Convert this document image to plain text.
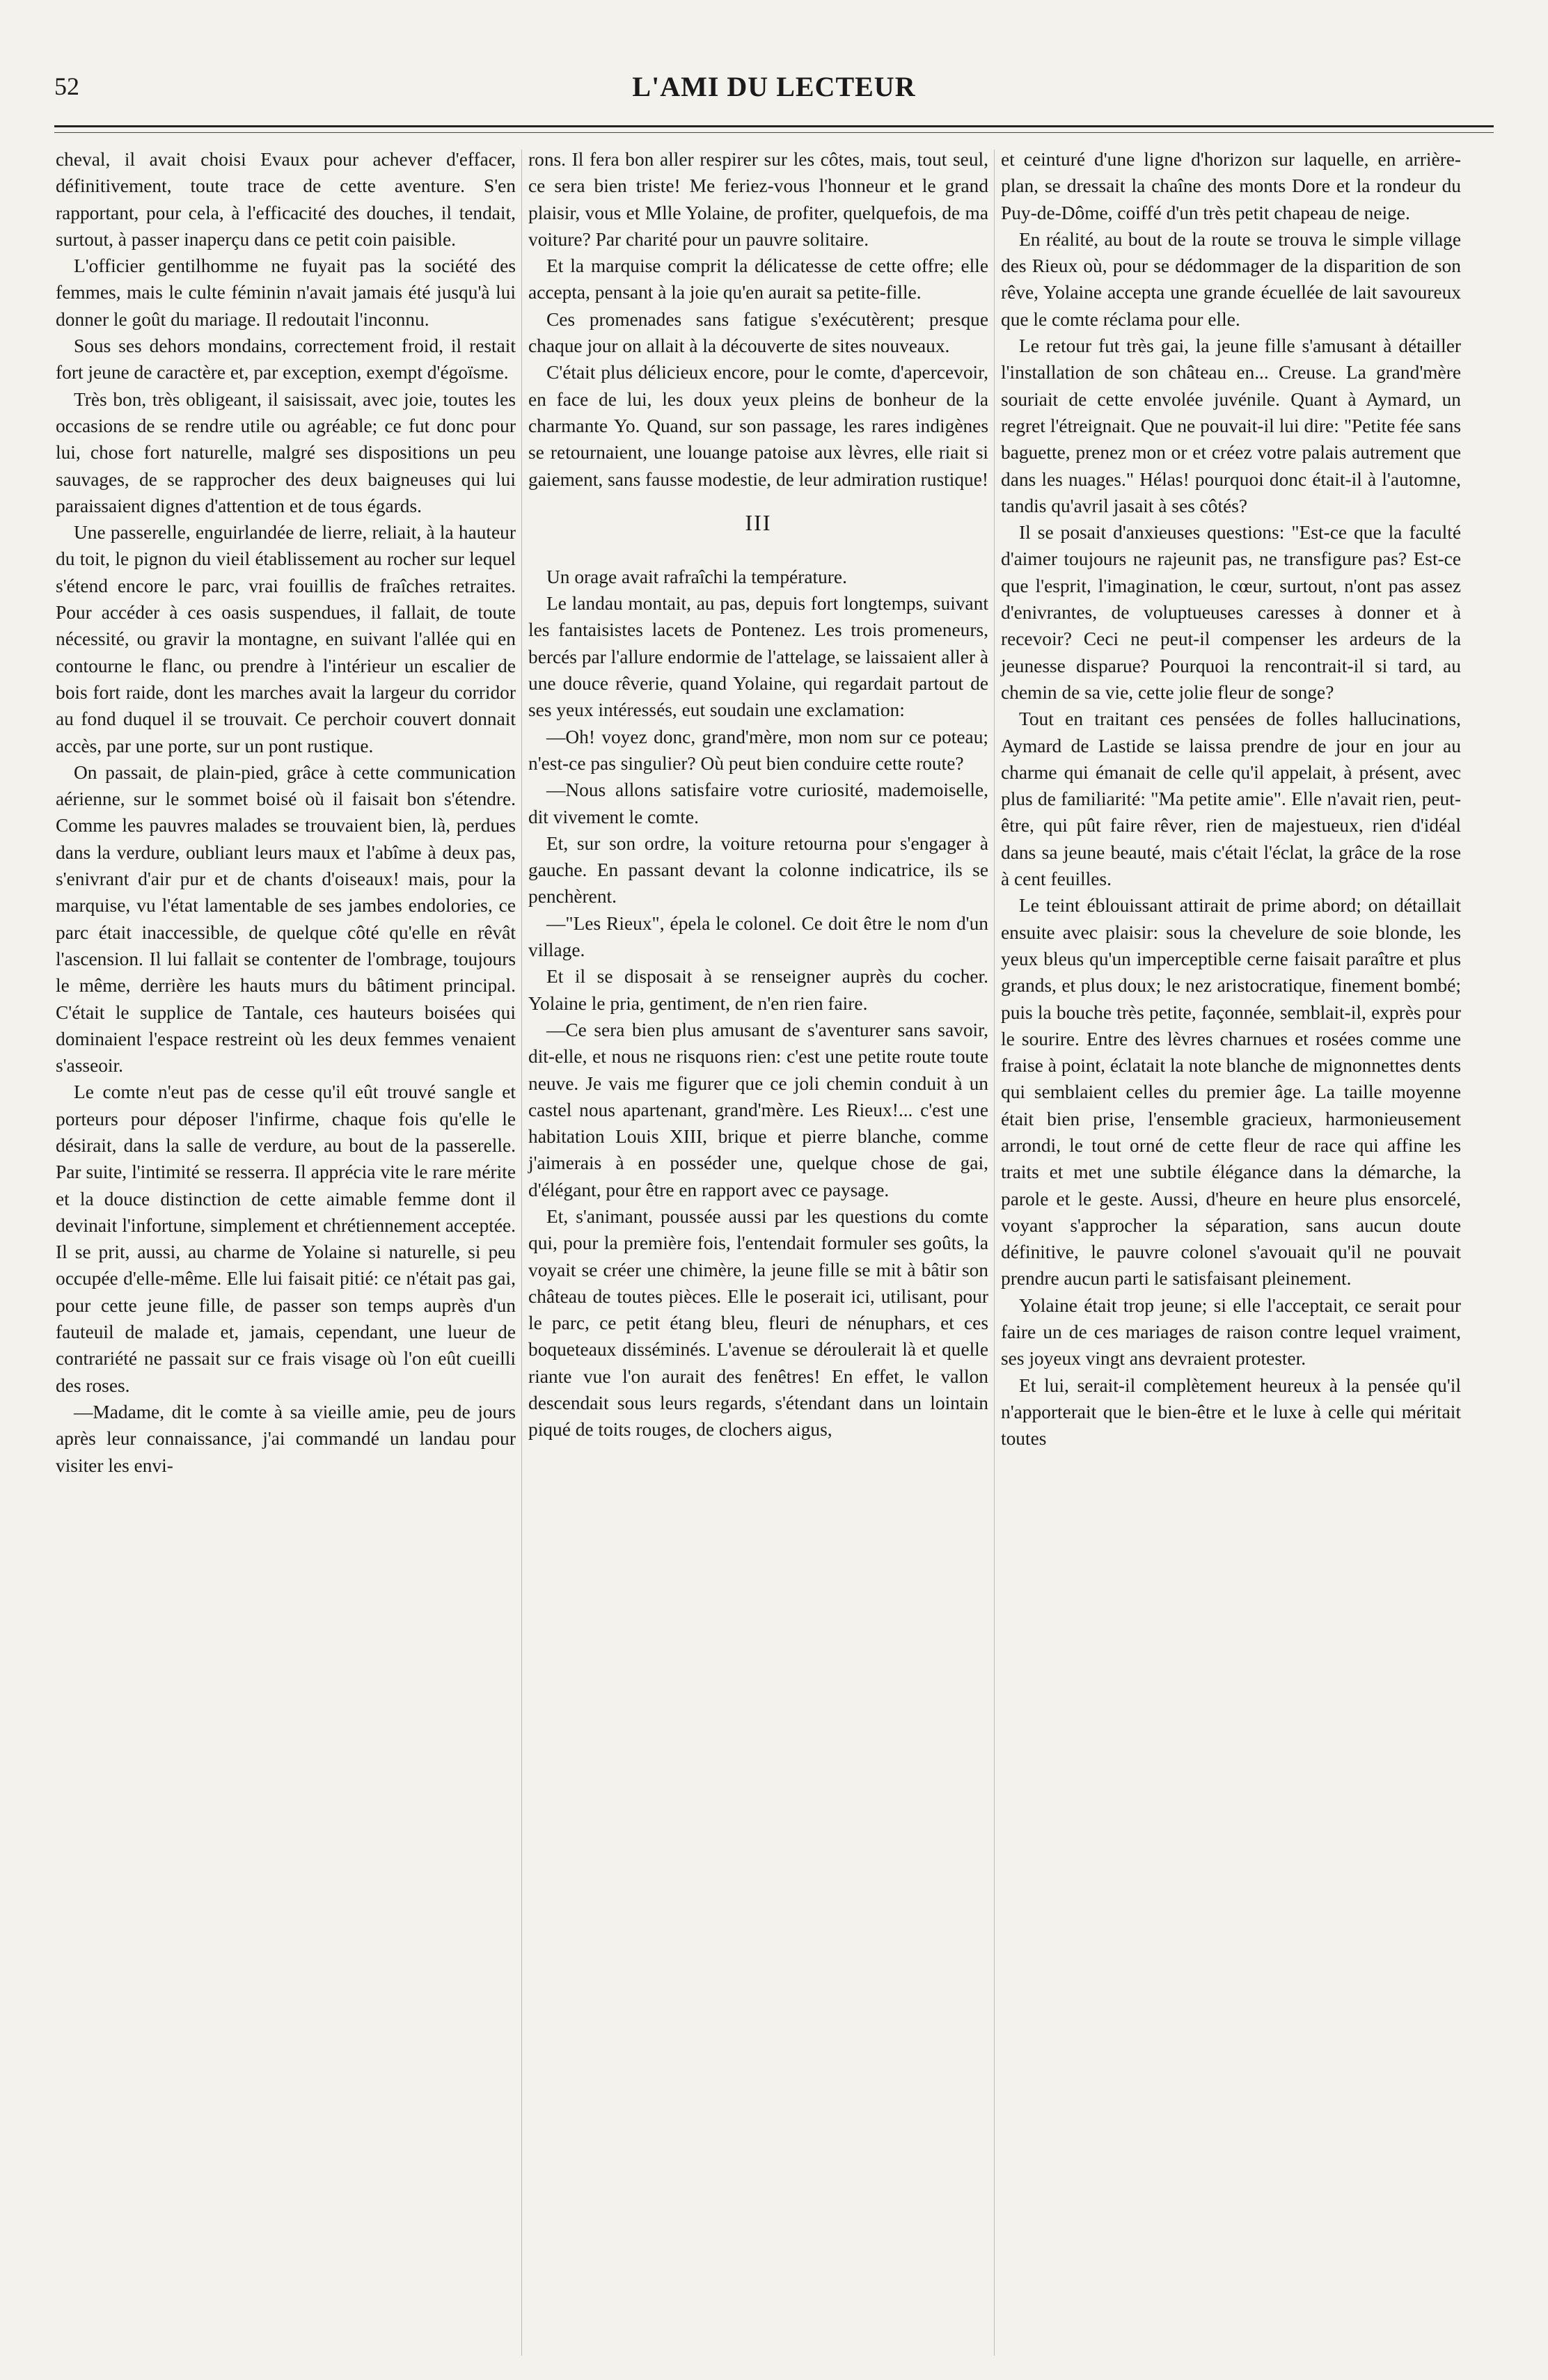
52	L'AMI DU LECTEUR

cheval, il avait choisi Evaux pour achever d'effacer, définitivement, toute trace de cette aventure. S'en rapportant, pour cela, à l'efficacité des douches, il tendait, surtout, à passer inaperçu dans ce petit coin paisible.

L'officier gentilhomme ne fuyait pas la société des femmes, mais le culte féminin n'avait jamais été jusqu'à lui donner le goût du mariage. Il redoutait l'inconnu.

Sous ses dehors mondains, correctement froid, il restait fort jeune de caractère et, par exception, exempt d'égoïsme.

Très bon, très obligeant, il saisissait, avec joie, toutes les occasions de se rendre utile ou agréable; ce fut donc pour lui, chose fort naturelle, malgré ses dispositions un peu sauvages, de se rapprocher des deux baigneuses qui lui paraissaient dignes d'attention et de tous égards.

Une passerelle, enguirlandée de lierre, reliait, à la hauteur du toit, le pignon du vieil établissement au rocher sur lequel s'étend encore le parc, vrai fouillis de fraîches retraites. Pour accéder à ces oasis suspendues, il fallait, de toute nécessité, ou gravir la montagne, en suivant l'allée qui en contourne le flanc, ou prendre à l'intérieur un escalier de bois fort raide, dont les marches avait la largeur du corridor au fond duquel il se trouvait. Ce perchoir couvert donnait accès, par une porte, sur un pont rustique.

On passait, de plain-pied, grâce à cette communication aérienne, sur le sommet boisé où il faisait bon s'étendre. Comme les pauvres malades se trouvaient bien, là, perdues dans la verdure, oubliant leurs maux et l'abîme à deux pas, s'enivrant d'air pur et de chants d'oiseaux! mais, pour la marquise, vu l'état lamentable de ses jambes endolories, ce parc était inaccessible, de quelque côté qu'elle en rêvât l'ascension. Il lui fallait se contenter de l'ombrage, toujours le même, derrière les hauts murs du bâtiment principal. C'était le supplice de Tantale, ces hauteurs boisées qui dominaient l'espace restreint où les deux femmes venaient s'asseoir.

Le comte n'eut pas de cesse qu'il eût trouvé sangle et porteurs pour déposer l'infirme, chaque fois qu'elle le désirait, dans la salle de verdure, au bout de la passerelle. Par suite, l'intimité se resserra. Il apprécia vite le rare mérite et la douce distinction de cette aimable femme dont il devinait l'infortune, simplement et chrétiennement acceptée. Il se prit, aussi, au charme de Yolaine si naturelle, si peu occupée d'elle-même. Elle lui faisait pitié: ce n'était pas gai, pour cette jeune fille, de passer son temps auprès d'un fauteuil de malade et, jamais, cependant, une lueur de contrariété ne passait sur ce frais visage où l'on eût cueilli des roses.

—Madame, dit le comte à sa vieille amie, peu de jours après leur connaissance, j'ai commandé un landau pour visiter les envi-

rons. Il fera bon aller respirer sur les côtes, mais, tout seul, ce sera bien triste! Me feriez-vous l'honneur et le grand plaisir, vous et Mlle Yolaine, de profiter, quelquefois, de ma voiture? Par charité pour un pauvre solitaire.

Et la marquise comprit la délicatesse de cette offre; elle accepta, pensant à la joie qu'en aurait sa petite-fille.

Ces promenades sans fatigue s'exécutèrent; presque chaque jour on allait à la découverte de sites nouveaux.

C'était plus délicieux encore, pour le comte, d'apercevoir, en face de lui, les doux yeux pleins de bonheur de la charmante Yo. Quand, sur son passage, les rares indigènes se retournaient, une louange patoise aux lèvres, elle riait si gaiement, sans fausse modestie, de leur admiration rustique!

III

Un orage avait rafraîchi la température.

Le landau montait, au pas, depuis fort longtemps, suivant les fantaisistes lacets de Pontenez. Les trois promeneurs, bercés par l'allure endormie de l'attelage, se laissaient aller à une douce rêverie, quand Yolaine, qui regardait partout de ses yeux intéressés, eut soudain une exclamation:

—Oh! voyez donc, grand'mère, mon nom sur ce poteau; n'est-ce pas singulier? Où peut bien conduire cette route?

—Nous allons satisfaire votre curiosité, mademoiselle, dit vivement le comte.

Et, sur son ordre, la voiture retourna pour s'engager à gauche. En passant devant la colonne indicatrice, ils se penchèrent.

—"Les Rieux", épela le colonel. Ce doit être le nom d'un village.

Et il se disposait à se renseigner auprès du cocher. Yolaine le pria, gentiment, de n'en rien faire.

—Ce sera bien plus amusant de s'aventurer sans savoir, dit-elle, et nous ne risquons rien: c'est une petite route toute neuve. Je vais me figurer que ce joli chemin conduit à un castel nous apartenant, grand'mère. Les Rieux!... c'est une habitation Louis XIII, brique et pierre blanche, comme j'aimerais à en posséder une, quelque chose de gai, d'élégant, pour être en rapport avec ce paysage.

Et, s'animant, poussée aussi par les questions du comte qui, pour la première fois, l'entendait formuler ses goûts, la voyait se créer une chimère, la jeune fille se mit à bâtir son château de toutes pièces. Elle le poserait ici, utilisant, pour le parc, ce petit étang bleu, fleuri de nénuphars, et ces boqueteaux disséminés. L'avenue se déroulerait là et quelle riante vue l'on aurait des fenêtres! En effet, le vallon descendait sous leurs regards, s'étendant dans un lointain piqué de toits rouges, de clochers aigus,

et ceinturé d'une ligne d'horizon sur laquelle, en arrière-plan, se dressait la chaîne des monts Dore et la rondeur du Puy-de-Dôme, coiffé d'un très petit chapeau de neige.

En réalité, au bout de la route se trouva le simple village des Rieux où, pour se dédommager de la disparition de son rêve, Yolaine accepta une grande écuellée de lait savoureux que le comte réclama pour elle.

Le retour fut très gai, la jeune fille s'amusant à détailler l'installation de son château en... Creuse. La grand'mère souriait de cette envolée juvénile. Quant à Aymard, un regret l'étreignait. Que ne pouvait-il lui dire: "Petite fée sans baguette, prenez mon or et créez votre palais autrement que dans les nuages." Hélas! pourquoi donc était-il à l'automne, tandis qu'avril jasait à ses côtés?

Il se posait d'anxieuses questions: "Est-ce que la faculté d'aimer toujours ne rajeunit pas, ne transfigure pas? Est-ce que l'esprit, l'imagination, le cœur, surtout, n'ont pas assez d'enivrantes, de voluptueuses caresses à donner et à recevoir? Ceci ne peut-il compenser les ardeurs de la jeunesse disparue? Pourquoi la rencontrait-il si tard, au chemin de sa vie, cette jolie fleur de songe?

Tout en traitant ces pensées de folles hallucinations, Aymard de Lastide se laissa prendre de jour en jour au charme qui émanait de celle qu'il appelait, à présent, avec plus de familiarité: "Ma petite amie". Elle n'avait rien, peut-être, qui pût faire rêver, rien de majestueux, rien d'idéal dans sa jeune beauté, mais c'était l'éclat, la grâce de la rose à cent feuilles.

Le teint éblouissant attirait de prime abord; on détaillait ensuite avec plaisir: sous la chevelure de soie blonde, les yeux bleus qu'un imperceptible cerne faisait paraître et plus grands, et plus doux; le nez aristocratique, finement bombé; puis la bouche très petite, façonnée, semblait-il, exprès pour le sourire. Entre des lèvres charnues et rosées comme une fraise à point, éclatait la note blanche de mignonnettes dents qui semblaient celles du premier âge. La taille moyenne était bien prise, l'ensemble gracieux, harmonieusement arrondi, le tout orné de cette fleur de race qui affine les traits et met une subtile élégance dans la démarche, la parole et le geste. Aussi, d'heure en heure plus ensorcelé, voyant s'approcher la séparation, sans aucun doute définitive, le pauvre colonel s'avouait qu'il ne pouvait prendre aucun parti le satisfaisant pleinement.

Yolaine était trop jeune; si elle l'acceptait, ce serait pour faire un de ces mariages de raison contre lequel vraiment, ses joyeux vingt ans devraient protester.

Et lui, serait-il complètement heureux à la pensée qu'il n'apporterait que le bien-être et le luxe à celle qui méritait toutes
